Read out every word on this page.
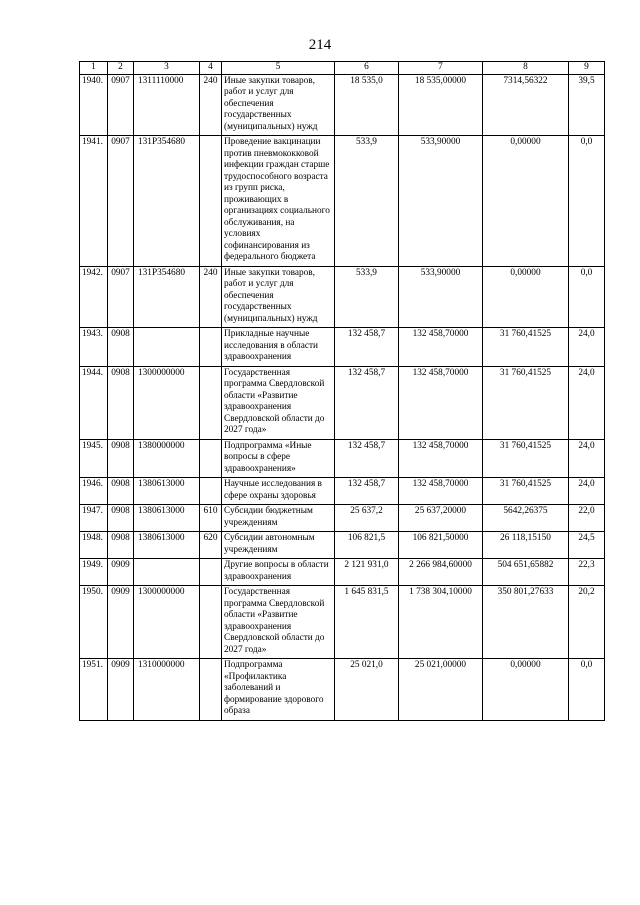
214
1	2	3	4	5	6	7	8	9
1940.	0907	1311110000	240	Иные закупки товаров, работ и услуг для обеспечения государственных (муниципальных) нужд	18 535,0	18 535,00000	7314,56322	39,5
1941.	0907	131P354680		Проведение вакцинации против пневмококковой инфекции граждан старше трудоспособного возраста из групп риска, проживающих в организациях социального обслуживания, на условиях софинансирования из федерального бюджета	533,9	533,90000	0,00000	0,0
1942.	0907	131P354680	240	Иные закупки товаров, работ и услуг для обеспечения государственных (муниципальных) нужд	533,9	533,90000	0,00000	0,0
1943.	0908			Прикладные научные исследования в области здравоохранения	132 458,7	132 458,70000	31 760,41525	24,0
1944.	0908	1300000000		Государственная программа Свердловской области «Развитие здравоохранения Свердловской области до 2027 года»	132 458,7	132 458,70000	31 760,41525	24,0
1945.	0908	1380000000		Подпрограмма «Иные вопросы в сфере здравоохранения»	132 458,7	132 458,70000	31 760,41525	24,0
1946.	0908	1380613000		Научные исследования в сфере охраны здоровья	132 458,7	132 458,70000	31 760,41525	24,0
1947.	0908	1380613000	610	Субсидии бюджетным учреждениям	25 637,2	25 637,20000	5642,26375	22,0
1948.	0908	1380613000	620	Субсидии автономным учреждениям	106 821,5	106 821,50000	26 118,15150	24,5
1949.	0909			Другие вопросы в области здравоохранения	2 121 931,0	2 266 984,60000	504 651,65882	22,3
1950.	0909	1300000000		Государственная программа Свердловской области «Развитие здравоохранения Свердловской области до 2027 года»	1 645 831,5	1 738 304,10000	350 801,27633	20,2
1951.	0909	1310000000		Подпрограмма «Профилактика заболеваний и формирование здорового образа	25 021,0	25 021,00000	0,00000	0,0
